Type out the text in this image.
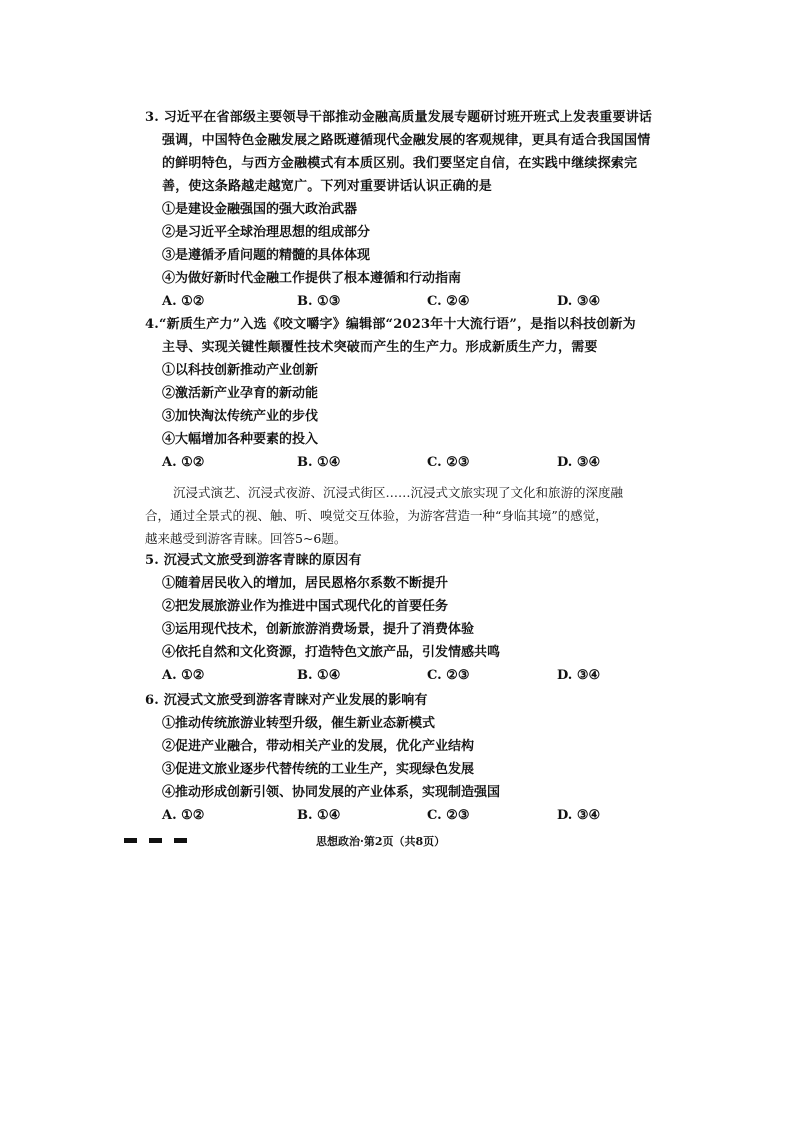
3. 习近平在省部级主要领导干部推动金融高质量发展专题研讨班开班式上发表重要讲话
强调，中国特色金融发展之路既遵循现代金融发展的客观规律，更具有适合我国国情
的鲜明特色，与西方金融模式有本质区别。我们要坚定自信，在实践中继续探索完
善，使这条路越走越宽广。下列对重要讲话认识正确的是
①是建设金融强国的强大政治武器
②是习近平全球治理思想的组成部分
③是遵循矛盾问题的精髓的具体体现
④为做好新时代金融工作提供了根本遵循和行动指南
A. ①②	B. ①③	C. ②④	D. ③④
4.“新质生产力”入选《咬文嚼字》编辑部“2023年十大流行语”，是指以科技创新为
主导、实现关键性颠覆性技术突破而产生的生产力。形成新质生产力，需要
①以科技创新推动产业创新
②激活新产业孕育的新动能
③加快淘汰传统产业的步伐
④大幅增加各种要素的投入
A. ①②	B. ①④	C. ②③	D. ③④
沉浸式演艺、沉浸式夜游、沉浸式街区……沉浸式文旅实现了文化和旅游的深度融
合，通过全景式的视、触、听、嗅觉交互体验，为游客营造一种“身临其境”的感觉，
越来越受到游客青睐。回答5~6题。
5. 沉浸式文旅受到游客青睐的原因有
①随着居民收入的增加，居民恩格尔系数不断提升
②把发展旅游业作为推进中国式现代化的首要任务
③运用现代技术，创新旅游消费场景，提升了消费体验
④依托自然和文化资源，打造特色文旅产品，引发情感共鸣
A. ①②	B. ①④	C. ②③	D. ③④
6. 沉浸式文旅受到游客青睐对产业发展的影响有
①推动传统旅游业转型升级，催生新业态新模式
②促进产业融合，带动相关产业的发展，优化产业结构
③促进文旅业逐步代替传统的工业生产，实现绿色发展
④推动形成创新引领、协同发展的产业体系，实现制造强国
A. ①②	B. ①④	C. ②③	D. ③④
思想政治·第2页（共8页）
